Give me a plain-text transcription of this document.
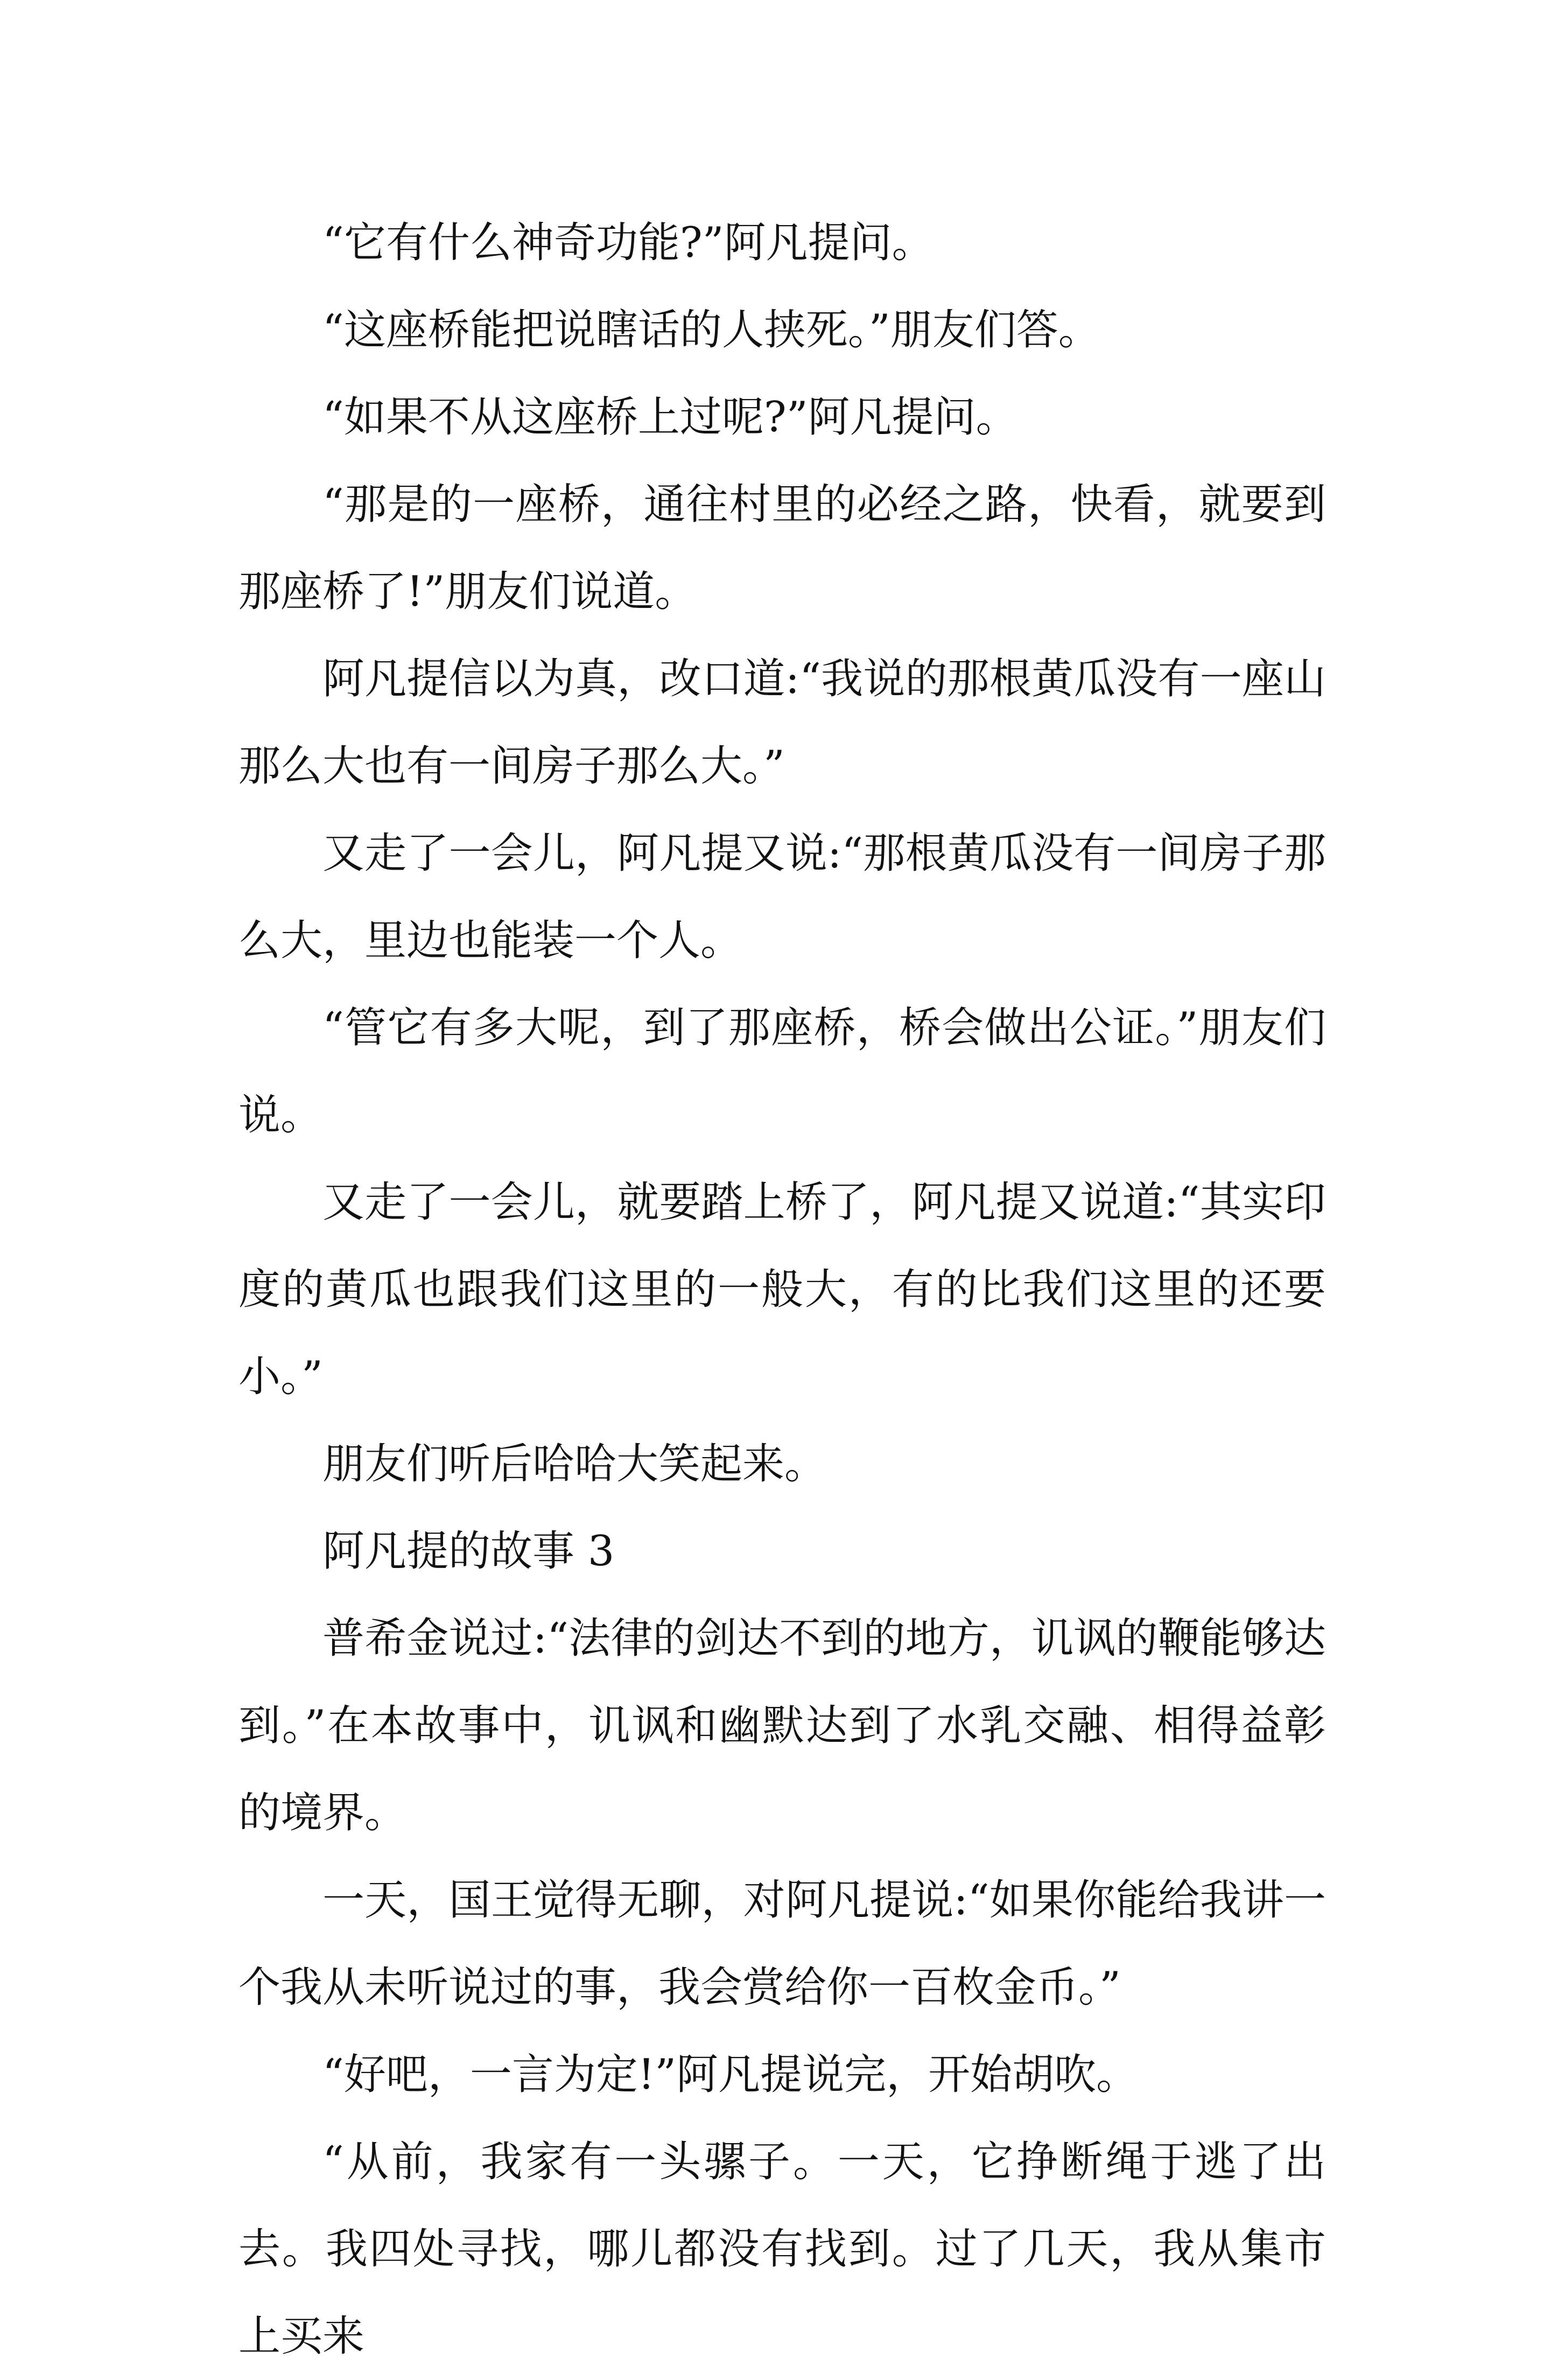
“它有什么神奇功能?”阿凡提问。

“这座桥能把说瞎话的人挟死。”朋友们答。

“如果不从这座桥上过呢?”阿凡提问。

“那是的一座桥，通往村里的必经之路，快看，就要到那座桥了!”朋友们说道。

阿凡提信以为真，改口道:“我说的那根黄瓜没有一座山那么大也有一间房子那么大。”

又走了一会儿，阿凡提又说:“那根黄瓜没有一间房子那么大，里边也能装一个人。

“管它有多大呢，到了那座桥，桥会做出公证。”朋友们说。

又走了一会儿，就要踏上桥了，阿凡提又说道:“其实印度的黄瓜也跟我们这里的一般大，有的比我们这里的还要小。”

朋友们听后哈哈大笑起来。

阿凡提的故事 3

普希金说过:“法律的剑达不到的地方，讥讽的鞭能够达到。”在本故事中，讥讽和幽默达到了水乳交融、相得益彰的境界。

一天，国王觉得无聊，对阿凡提说:“如果你能给我讲一个我从未听说过的事，我会赏给你一百枚金币。”

“好吧，一言为定!”阿凡提说完，开始胡吹。

“从前，我家有一头骡子。一天，它挣断绳于逃了出去。我四处寻找，哪儿都没有找到。过了几天，我从集市上买来
